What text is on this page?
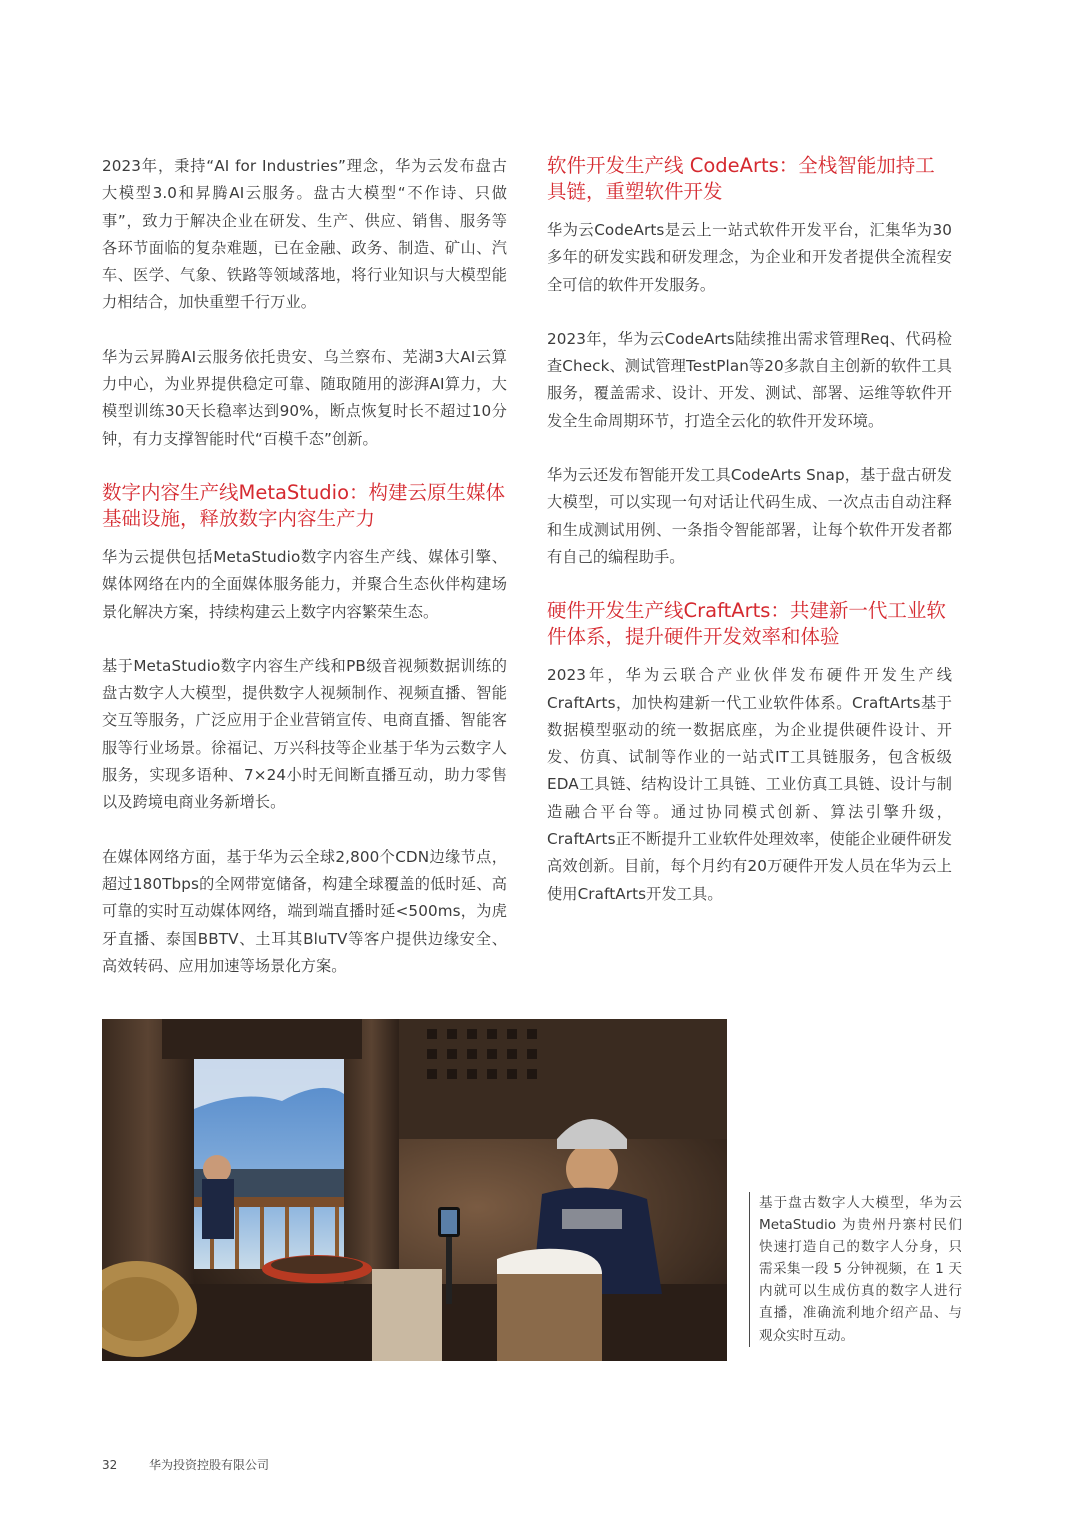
2023年，秉持“AI for Industries”理念，华为云发布盘古大模型3.0和昇腾AI云服务。盘古大模型“不作诗、只做事”，致力于解决企业在研发、生产、供应、销售、服务等各环节面临的复杂难题，已在金融、政务、制造、矿山、汽车、医学、气象、铁路等领域落地，将行业知识与大模型能力相结合，加快重塑千行万业。

华为云昇腾AI云服务依托贵安、乌兰察布、芜湖3大AI云算力中心，为业界提供稳定可靠、随取随用的澎湃AI算力，大模型训练30天长稳率达到90%，断点恢复时长不超过10分钟，有力支撑智能时代“百模千态”创新。

数字内容生产线MetaStudio：构建云原生媒体基础设施，释放数字内容生产力

华为云提供包括MetaStudio数字内容生产线、媒体引擎、媒体网络在内的全面媒体服务能力，并聚合生态伙伴构建场景化解决方案，持续构建云上数字内容繁荣生态。

基于MetaStudio数字内容生产线和PB级音视频数据训练的盘古数字人大模型，提供数字人视频制作、视频直播、智能交互等服务，广泛应用于企业营销宣传、电商直播、智能客服等行业场景。徐福记、万兴科技等企业基于华为云数字人服务，实现多语种、7×24小时无间断直播互动，助力零售以及跨境电商业务新增长。

在媒体网络方面，基于华为云全球2,800个CDN边缘节点，超过180Tbps的全网带宽储备，构建全球覆盖的低时延、高可靠的实时互动媒体网络，端到端直播时延<500ms，为虎牙直播、泰国BBTV、土耳其BluTV等客户提供边缘安全、高效转码、应用加速等场景化方案。

软件开发生产线 CodeArts：全栈智能加持工具链，重塑软件开发

华为云CodeArts是云上一站式软件开发平台，汇集华为30多年的研发实践和研发理念，为企业和开发者提供全流程安全可信的软件开发服务。

2023年，华为云CodeArts陆续推出需求管理Req、代码检查Check、测试管理TestPlan等20多款自主创新的软件工具服务，覆盖需求、设计、开发、测试、部署、运维等软件开发全生命周期环节，打造全云化的软件开发环境。

华为云还发布智能开发工具CodeArts Snap，基于盘古研发大模型，可以实现一句对话让代码生成、一次点击自动注释和生成测试用例、一条指令智能部署，让每个软件开发者都有自己的编程助手。

硬件开发生产线CraftArts：共建新一代工业软件体系，提升硬件开发效率和体验

2023年，华为云联合产业伙伴发布硬件开发生产线CraftArts，加快构建新一代工业软件体系。CraftArts基于数据模型驱动的统一数据底座，为企业提供硬件设计、开发、仿真、试制等作业的一站式IT工具链服务，包含板级EDA工具链、结构设计工具链、工业仿真工具链、设计与制造融合平台等。通过协同模式创新、算法引擎升级，CraftArts正不断提升工业软件处理效率，使能企业硬件研发高效创新。目前，每个月约有20万硬件开发人员在华为云上使用CraftArts开发工具。

基于盘古数字人大模型，华为云 MetaStudio 为贵州丹寨村民们快速打造自己的数字人分身，只需采集一段 5 分钟视频，在 1 天内就可以生成仿真的数字人进行直播，准确流利地介绍产品、与观众实时互动。
32	华为投资控股有限公司
